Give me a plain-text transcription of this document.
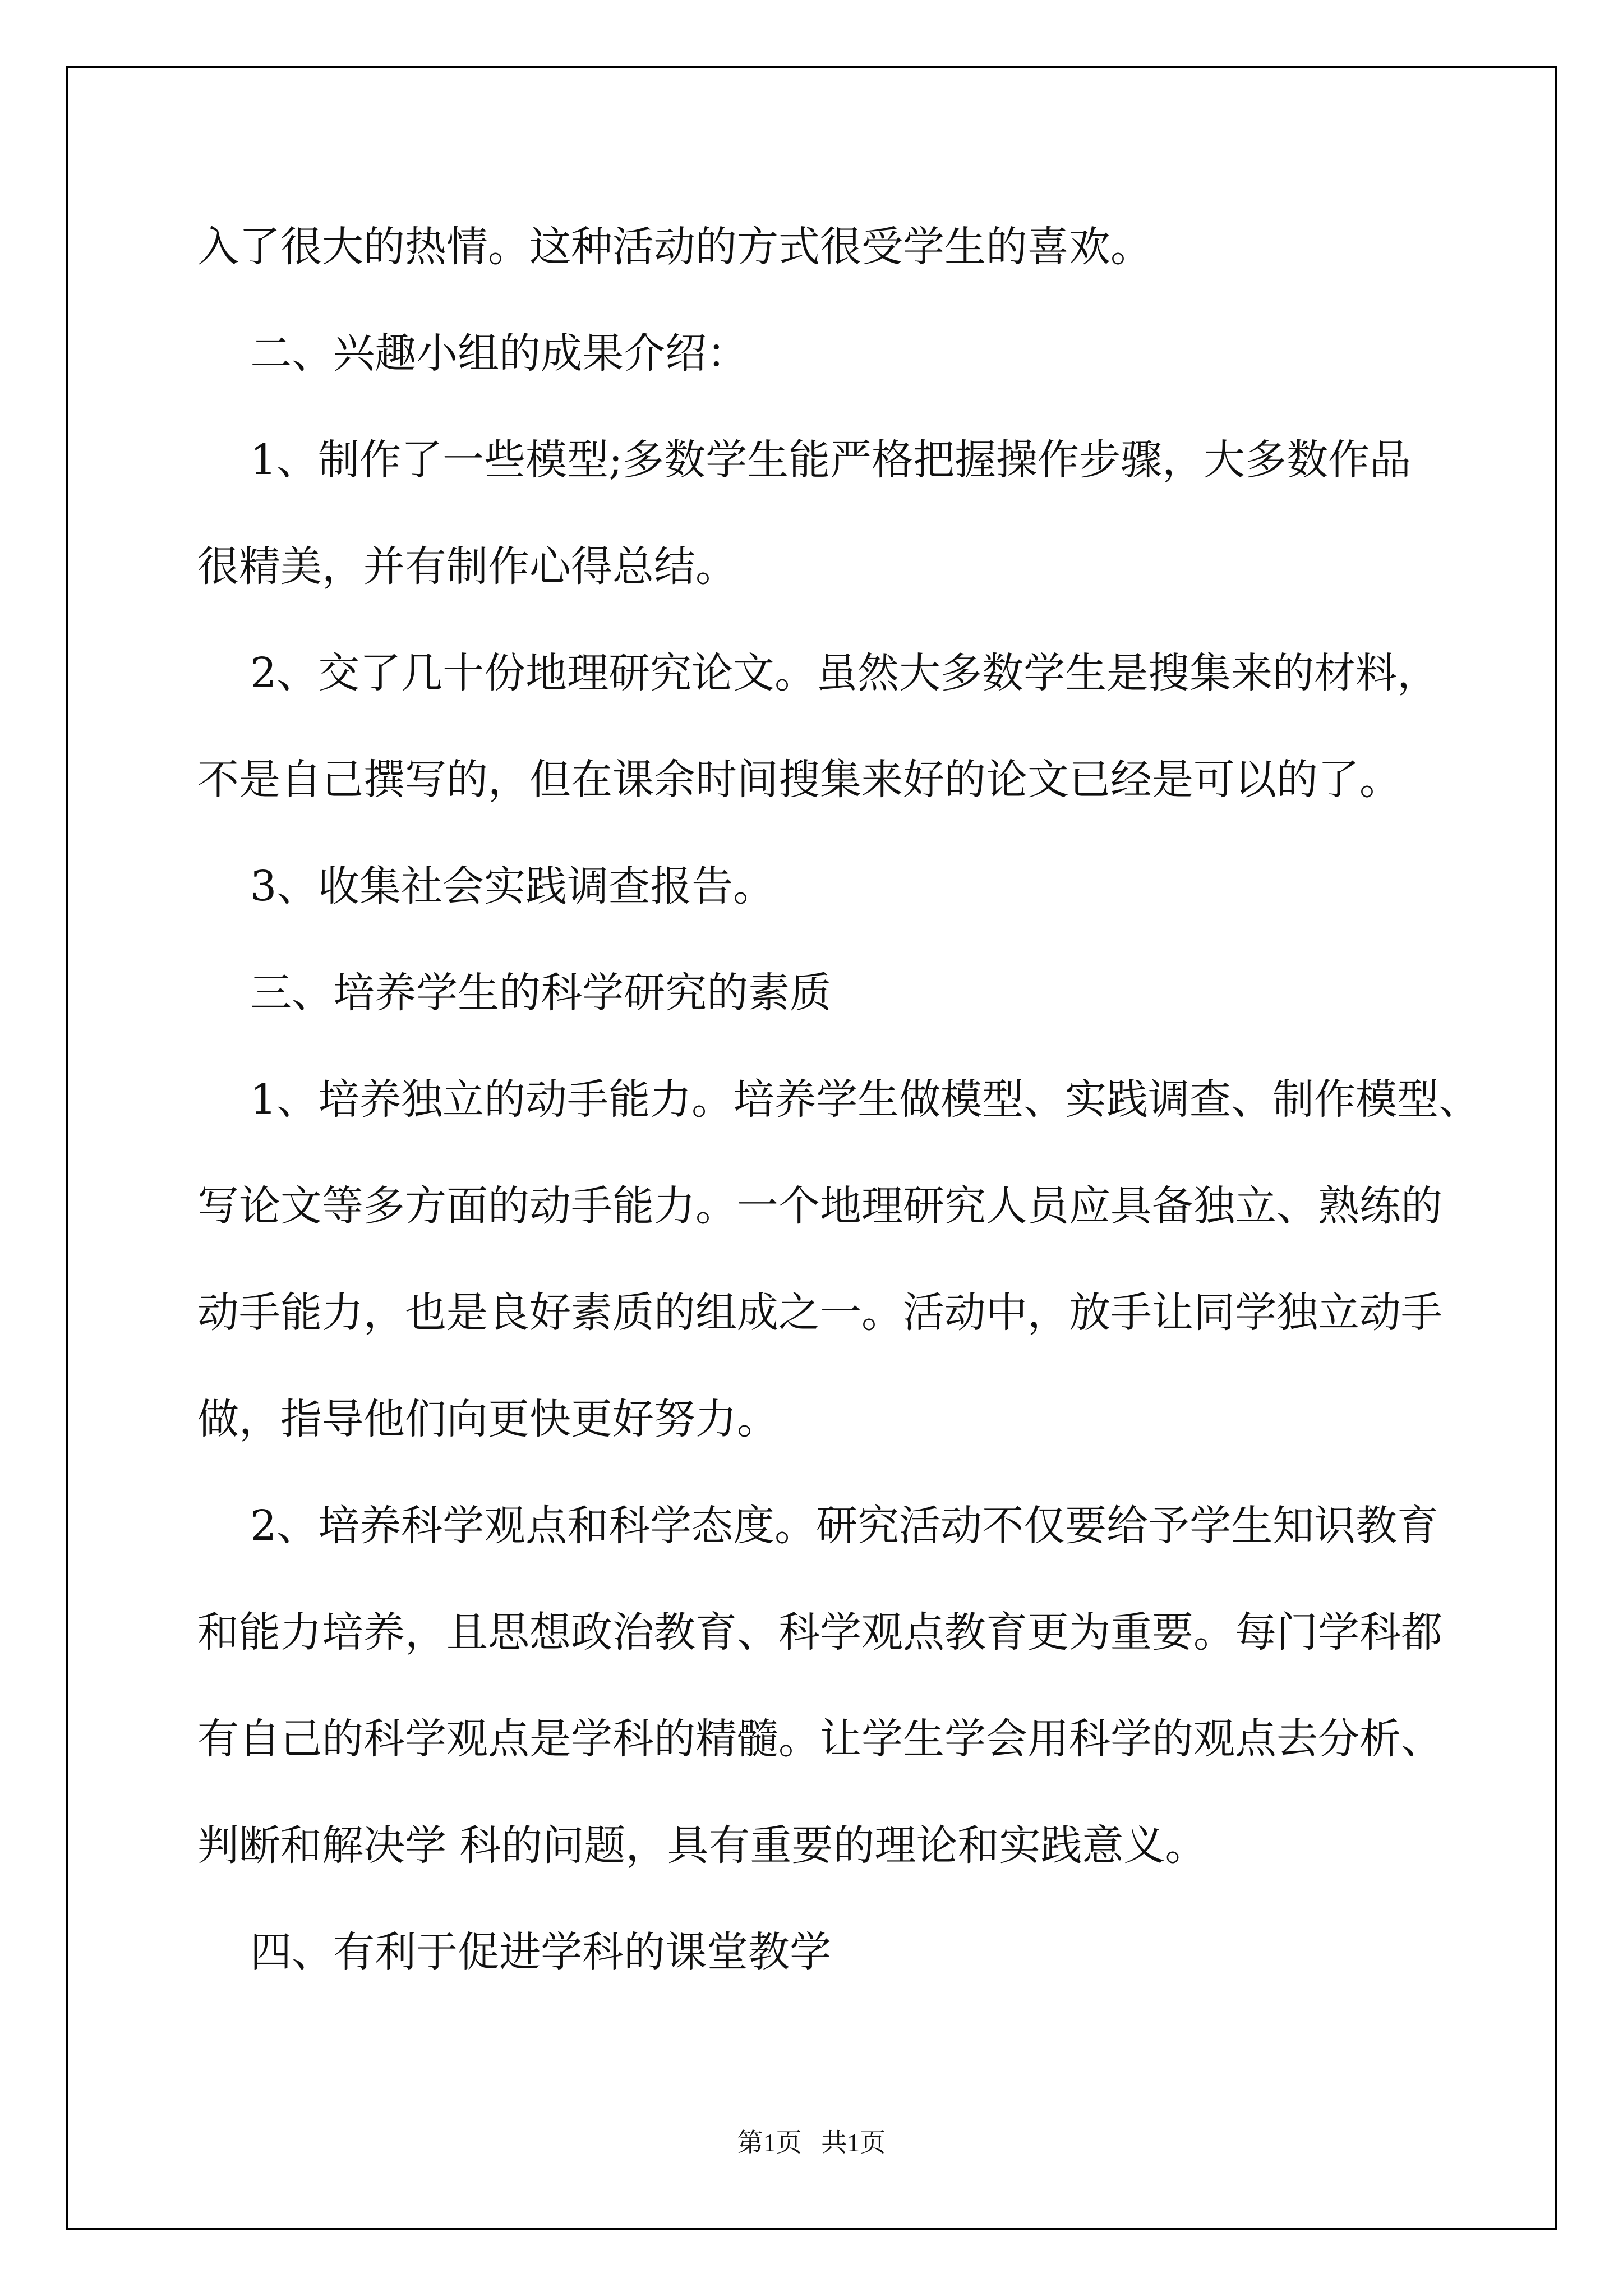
入了很大的热情。这种活动的方式很受学生的喜欢。
二、兴趣小组的成果介绍：
1、制作了一些模型;多数学生能严格把握操作步骤，大多数作品
很精美，并有制作心得总结。
2、交了几十份地理研究论文。虽然大多数学生是搜集来的材料，
不是自己撰写的，但在课余时间搜集来好的论文已经是可以的了。
3、收集社会实践调查报告。
三、培养学生的科学研究的素质
1、培养独立的动手能力。培养学生做模型、实践调查、制作模型、
写论文等多方面的动手能力。一个地理研究人员应具备独立、熟练的
动手能力，也是良好素质的组成之一。活动中，放手让同学独立动手
做，指导他们向更快更好努力。
2、培养科学观点和科学态度。研究活动不仅要给予学生知识教育
和能力培养，且思想政治教育、科学观点教育更为重要。每门学科都
有自己的科学观点是学科的精髓。让学生学会用科学的观点去分析、
判断和解决学 科的问题，具有重要的理论和实践意义。
四、有利于促进学科的课堂教学
第1页   共1页
